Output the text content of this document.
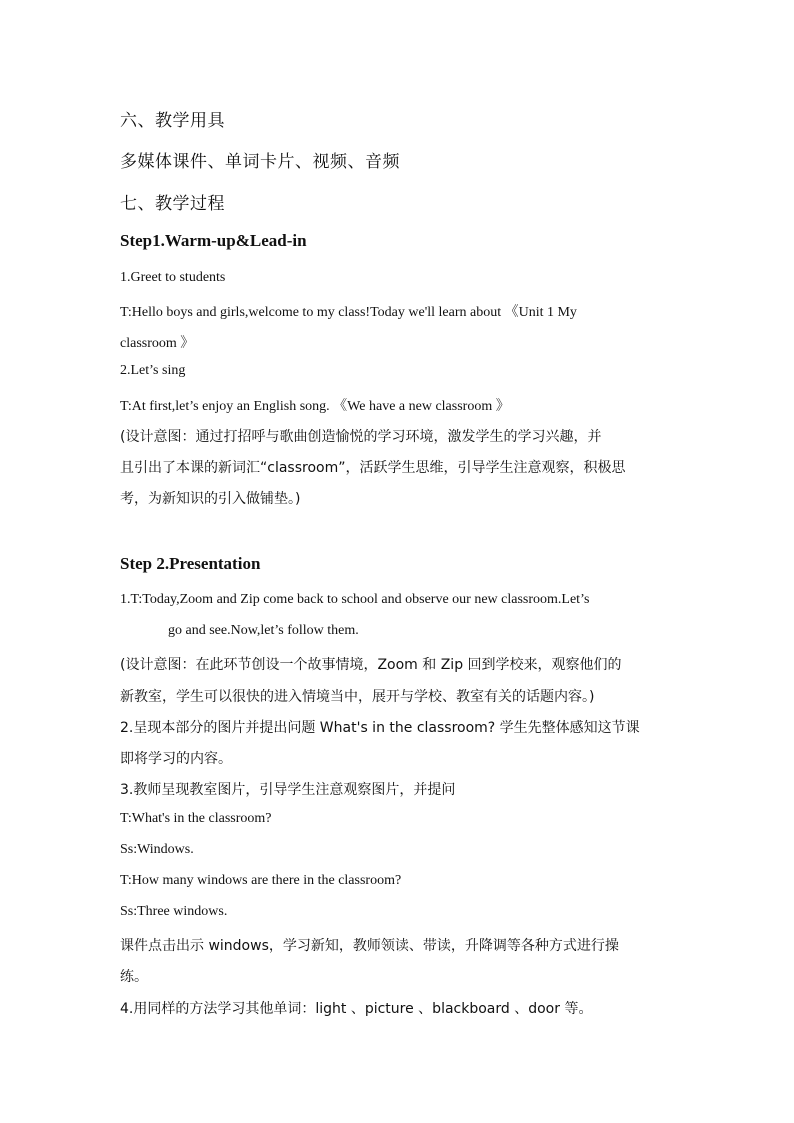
六、教学用具
多媒体课件、单词卡片、视频、音频
七、教学过程
Step1.Warm-up&Lead-in
1.Greet to students
T:Hello boys and girls,welcome to my class!Today we'll learn about 《Unit 1 My
classroom 》
2.Let’s sing
T:At first,let’s enjoy an English song. 《We have a new classroom 》
(设计意图：通过打招呼与歌曲创造愉悦的学习环境，激发学生的学习兴趣，并
且引出了本课的新词汇“classroom”，活跃学生思维，引导学生注意观察，积极思
考，为新知识的引入做铺垫。)
Step 2.Presentation
1.T:Today,Zoom and Zip come back to school and observe our new classroom.Let’s
go and see.Now,let’s follow them.
(设计意图：在此环节创设一个故事情境，Zoom 和 Zip 回到学校来，观察他们的
新教室，学生可以很快的进入情境当中，展开与学校、教室有关的话题内容。)
2.呈现本部分的图片并提出问题 What's in the classroom? 学生先整体感知这节课
即将学习的内容。
3.教师呈现教室图片，引导学生注意观察图片，并提问
T:What's in the classroom?
Ss:Windows.
T:How many windows are there in the classroom?
Ss:Three windows.
课件点击出示 windows，学习新知，教师领读、带读，升降调等各种方式进行操
练。
4.用同样的方法学习其他单词：light 、picture 、blackboard 、door 等。
